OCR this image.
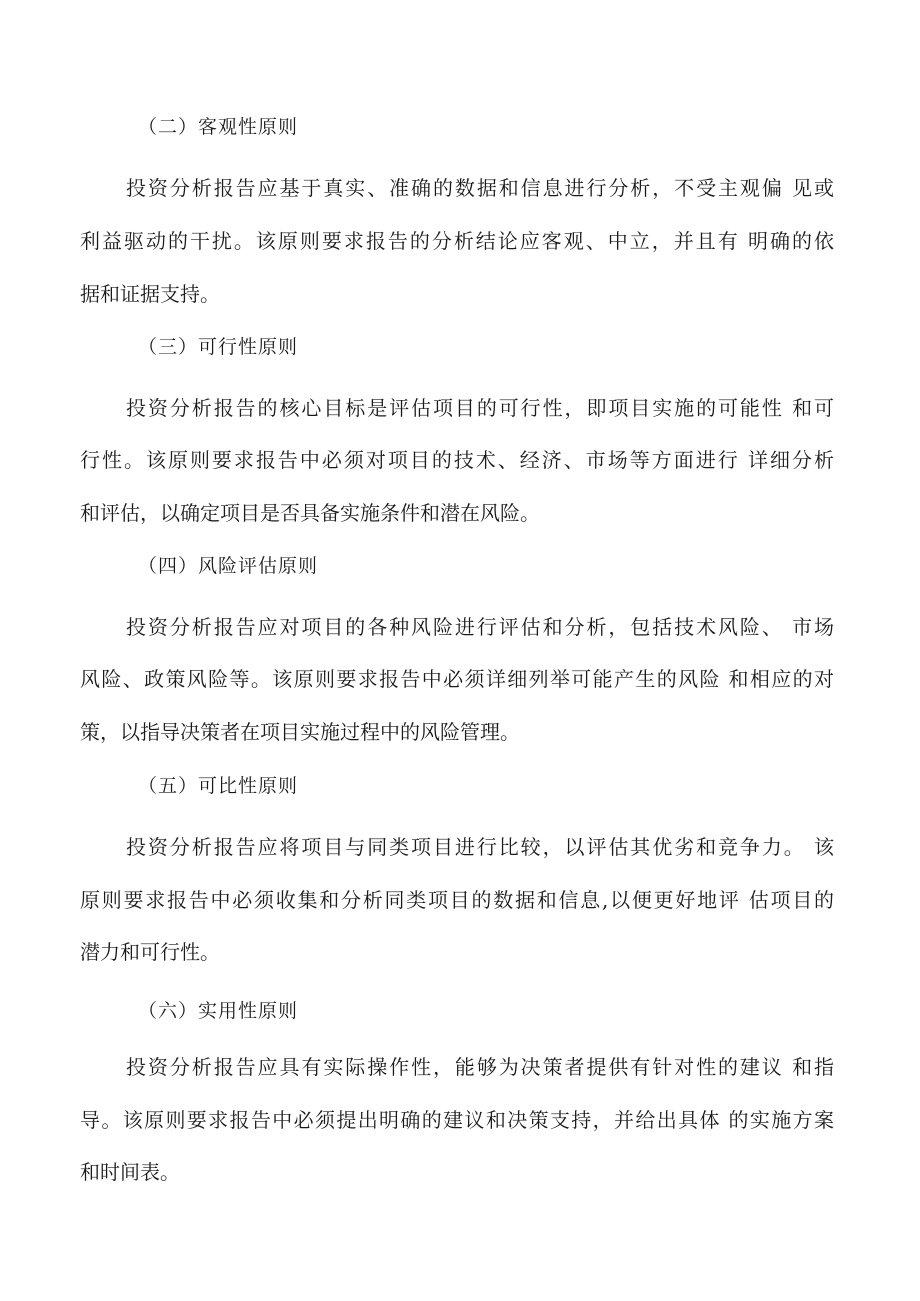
（二）客观性原则
投资分析报告应基于真实、准确的数据和信息进行分析，不受主观偏 见或
利益驱动的干扰。该原则要求报告的分析结论应客观、中立，并且有 明确的依
据和证据支持。
（三）可行性原则
投资分析报告的核心目标是评估项目的可行性，即项目实施的可能性 和可
行性。该原则要求报告中必须对项目的技术、经济、市场等方面进行 详细分析
和评估，以确定项目是否具备实施条件和潜在风险。
（四）风险评估原则
投资分析报告应对项目的各种风险进行评估和分析，包括技术风险、 市场
风险、政策风险等。该原则要求报告中必须详细列举可能产生的风险 和相应的对
策，以指导决策者在项目实施过程中的风险管理。
（五）可比性原则
投资分析报告应将项目与同类项目进行比较，以评估其优劣和竞争力。 该
原则要求报告中必须收集和分析同类项目的数据和信息,以便更好地评 估项目的
潜力和可行性。
（六）实用性原则
投资分析报告应具有实际操作性，能够为决策者提供有针对性的建议 和指
导。该原则要求报告中必须提出明确的建议和决策支持，并给出具体 的实施方案
和时间表。
